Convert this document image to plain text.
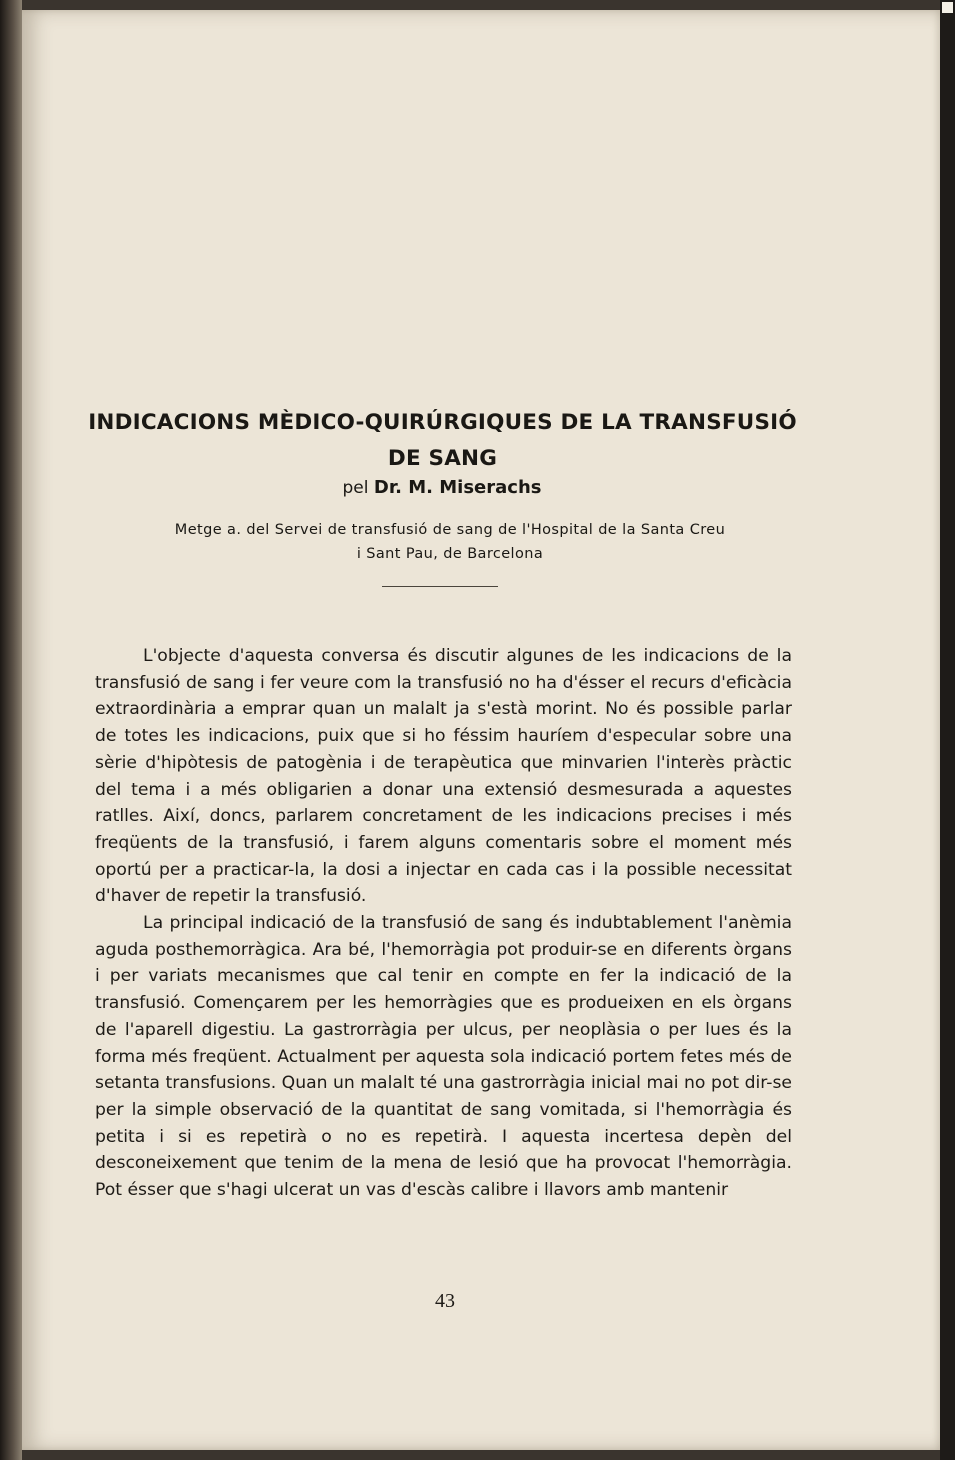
INDICACIONS MÈDICO-QUIRÚRGIQUES DE LA TRANSFUSIÓ
DE SANG
pel Dr. M. Miserachs
Metge a. del Servei de transfusió de sang de l'Hospital de la Santa Creu
i Sant Pau, de Barcelona

L'objecte d'aquesta conversa és discutir algunes de les indicacions de la transfusió de sang i fer veure com la transfusió no ha d'ésser el recurs d'eficàcia extraordinària a emprar quan un malalt ja s'està morint. No és possible parlar de totes les indicacions, puix que si ho féssim hauríem d'especular sobre una sèrie d'hipòtesis de patogènia i de terapèutica que minvarien l'interès pràctic del tema i a més obligarien a donar una extensió desmesurada a aquestes ratlles. Així, doncs, parlarem concretament de les indicacions precises i més freqüents de la transfusió, i farem alguns comentaris sobre el moment més oportú per a practicar-la, la dosi a injectar en cada cas i la possible necessitat d'haver de repetir la transfusió.

La principal indicació de la transfusió de sang és indubtablement l'anèmia aguda posthemorràgica. Ara bé, l'hemorràgia pot produir-se en diferents òrgans i per variats mecanismes que cal tenir en compte en fer la indicació de la transfusió. Començarem per les hemorràgies que es produeixen en els òrgans de l'aparell digestiu. La gastrorràgia per ulcus, per neoplàsia o per lues és la forma més freqüent. Actualment per aquesta sola indicació portem fetes més de setanta transfusions. Quan un malalt té una gastrorràgia inicial mai no pot dir-se per la simple observació de la quantitat de sang vomitada, si l'hemorràgia és petita i si es repetirà o no es repetirà. I aquesta incertesa depèn del desconeixement que tenim de la mena de lesió que ha provocat l'hemorràgia. Pot ésser que s'hagi ulcerat un vas d'escàs calibre i llavors amb mantenir

43
